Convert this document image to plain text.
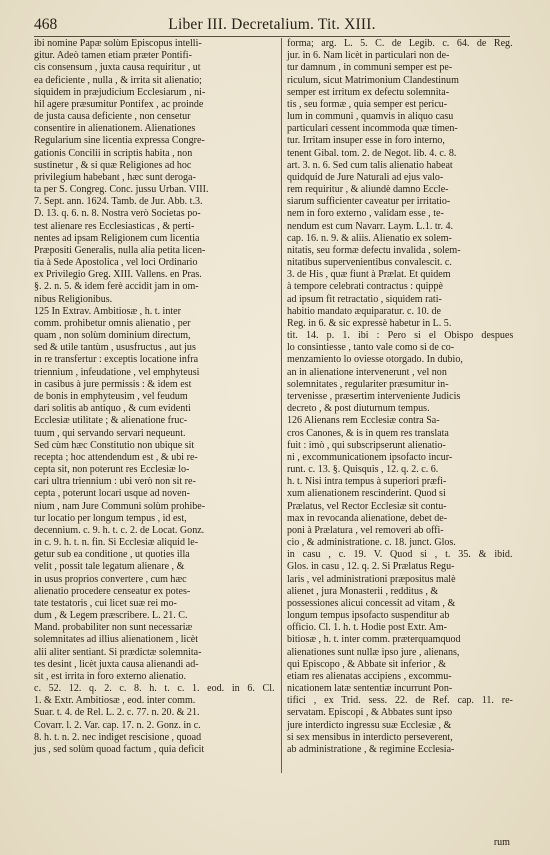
468	Liber III. Decretalium. Tit. XIII.
ibi nomine Papæ solùm Episcopus intelli-
gitur. Adeò tamen etiam præter Pontifi-
cis consensum , juxta causa requiritur , ut
ea deficiente , nulla , & irrita sit alienatio;
siquidem in præjudicium Ecclesiarum , ni-
hil agere præsumitur Pontifex , ac proinde
de justa causa deficiente , non censetur
consentire in alienationem. Alienationes
Regularium sine licentia expressa Congre-
gationis Concilii in scriptis habita , non
sustinetur , & si quæ Religiones ad hoc
privilegium habebant , hæc sunt deroga-
ta per S. Congreg. Conc. jussu Urban. VIII.
7. Sept. ann. 1624. Tamb. de Jur. Abb. t.3.
D. 13. q. 6. n. 8. Nostra verò Societas po-
test alienare res Ecclesiasticas , & perti-
nentes ad ipsam Religionem cum licentia
Præpositi Generalis, nulla alia petita licen-
tia à Sede Apostolica , vel loci Ordinario
ex Privilegio Greg. XIII. Vallens. en Pras.
§. 2. n. 5. & idem ferè accidit jam in om-
nibus Religionibus.
125 In Extrav. Ambitiosæ , h. t. inter
comm. prohibetur omnis alienatio , per
quam , non solùm dominium directum,
sed & utile tantùm , ususfructus , aut jus
in re transfertur : exceptis locatione infra
triennium , infeudatione , vel emphyteusi
in casibus à jure permissis : & idem est
de bonis in emphyteusim , vel feudum
dari solitis ab antiquo , & cum evidenti
Ecclesiæ utilitate ; & alienatione fruc-
tuum , qui servando servari nequeunt.
Sed cùm hæc Constitutio non ubique sit
recepta ; hoc attendendum est , & ubi re-
cepta sit, non poterunt res Ecclesiæ lo-
cari ultra triennium : ubi verò non sit re-
cepta , poterunt locari usque ad noven-
nium , nam Jure Communi solùm prohibe-
tur locatio per longum tempus , id est,
decennium. c. 9. h. t. c. 2. de Locat. Gonz.
in c. 9. h. t. n. fin. Si Ecclesiæ aliquid le-
getur sub ea conditione , ut quoties illa
velit , possit tale legatum alienare , &
in usus proprios convertere , cum hæc
alienatio procedere censeatur ex potes-
tate testatoris , cui licet suæ rei mo-
dum , & Legem præscribere. L. 21. C.
Mand. probabiliter non sunt necessariæ
solemnitates ad illius alienationem , licèt
alii aliter sentiant. Si prædictæ solemnita-
tes desint , licèt juxta causa alienandi ad-
sit , est irrita in foro externo alienatio.
c. 52. 12. q. 2. c. 8. h. t. c. 1. eod. in 6. Cl.
1. & Extr. Ambitiosæ , eod. inter comm.
Suar. t. 4. de Rel. L. 2. c. 77. n. 20. & 21.
Covarr. l. 2. Var. cap. 17. n. 2. Gonz. in c.
8. h. t. n. 2. nec indiget rescisione , quoad
jus , sed solùm quoad factum , quia deficit
forma; arg. L. 5. C. de Legib. c. 64. de Reg.
jur. in 6. Nam licèt in particulari non de-
tur damnum , in communi semper est pe-
riculum, sicut Matrimonium Clandestinum
semper est irritum ex defectu solemnita-
tis , seu formæ , quia semper est pericu-
lum in communi , quamvis in aliquo casu
particulari cessent incommoda quæ timen-
tur. Irritam insuper esse in foro interno,
tenent Gibal. tom. 2. de Negot. lib. 4. c. 8.
art. 3. n. 6. Sed cum talis alienatio habeat
quidquid de Jure Naturali ad ejus valo-
rem requiritur , & aliundè damno Eccle-
siarum sufficienter caveatur per irritatio-
nem in foro externo , validam esse , te-
nendum est cum Navarr. Laym. L.1. tr. 4.
cap. 16. n. 9. & aliis. Alienatio ex solem-
nitatis, seu formæ defectu invalida , solem-
nitatibus supervenientibus convalescit. c.
3. de His , quæ fiunt à Prælat. Et quidem
à tempore celebrati contractus : quippè
ad ipsum fit retractatio , siquidem rati-
habitio mandato æquiparatur. c. 10. de
Reg. in 6. & sic expressè habetur in L. 5.
tit. 14. p. 1. ibi : Pero si el Obispo despues
lo consintiesse , tanto vale como si de co-
menzamiento lo oviesse otorgado. In dubio,
an in alienatione intervenerunt , vel non
solemnitates , regulariter præsumitur in-
tervenisse , præsertim interveniente Judicis
decreto , & post diuturnum tempus.
126 Alienans rem Ecclesiæ contra Sa-
cros Canones, & is in quem res translata
fuit : imò , qui subscripserunt alienatio-
ni , excommunicationem ipsofacto incur-
runt. c. 13. §. Quisquis , 12. q. 2. c. 6.
h. t. Nisi intra tempus à superiori præfi-
xum alienationem rescinderint. Quod si
Prælatus, vel Rector Ecclesiæ sit contu-
max in revocanda alienatione, debet de-
poni à Prælatura , vel removeri ab offi-
cio , & administratione. c. 18. junct. Glos.
in casu , c. 19. V. Quod si , t. 35. & ibid.
Glos. in casu , 12. q. 2. Si Prælatus Regu-
laris , vel administrationi præpositus malè
alienet , jura Monasterii , redditus , &
possessiones alicui concessit ad vitam , &
longum tempus ipsofacto suspenditur ab
officio. Cl. 1. h. t. Hodie post Extr. Am-
bitiosæ , h. t. inter comm. præterquamquod
alienationes sunt nullæ ipso jure , alienans,
qui Episcopo , & Abbate sit inferior , &
etiam res alienatas accipiens , excommu-
nicationem latæ sententiæ incurrunt Pon-
tifici , ex Trid. sess. 22. de Ref. cap. 11. re-
servatam. Episcopi , & Abbates sunt ipso
jure interdicto ingressu suæ Ecclesiæ , &
si sex mensibus in interdicto perseverent,
ab administratione , & regimine Ecclesia-
rum
